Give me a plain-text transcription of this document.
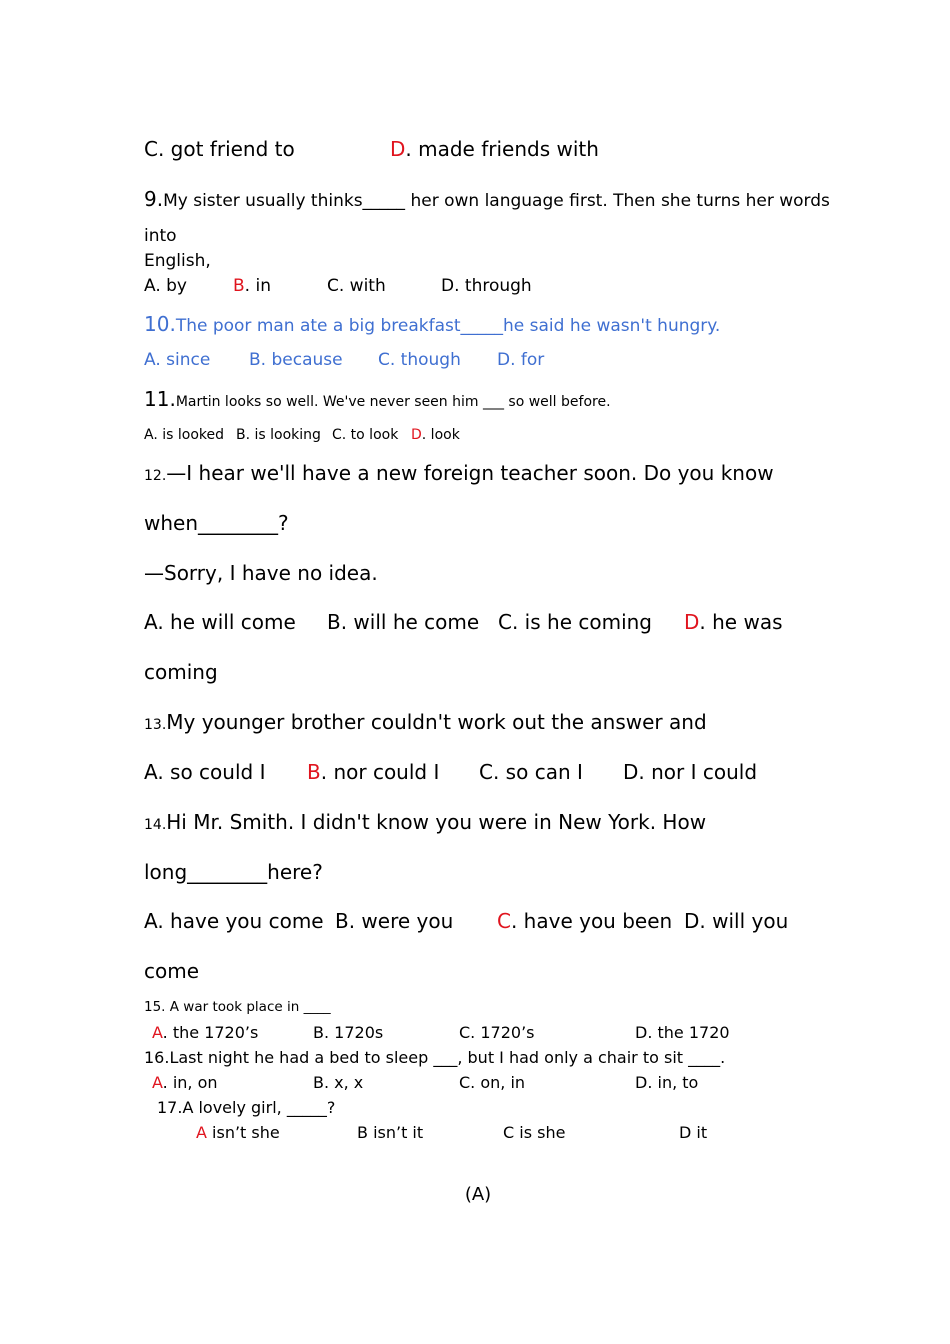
C. got friend to	D. made friends with
9.My sister usually thinks_____ her own language first. Then she turns her words
into
English,
A. by	B. in	C. with	D. through
10.The poor man ate a big breakfast_____he said he wasn't hungry.
A. since B. because C. though D. for
11.Martin looks so well. We've never seen him ___ so well before.
A. is looked B. is looking C. to look D. look
12.—I hear we'll have a new foreign teacher soon. Do you know
when________?
—Sorry, I have no idea.
A. he will come B. will he come C. is he coming D. he was
coming
13.My younger brother couldn't work out the answer and
A. so could I B. nor could I C. so can I D. nor I could
14.Hi Mr. Smith. I didn't know you were in New York. How
long________here?
A. have you come B. were you C. have you been D. will you
come
15. A war took place in ____
A. the 1720’s	B. 1720s	C. 1720’s	D. the 1720
16.Last night he had a bed to sleep ___, but I had only a chair to sit ____.
A. in, on	B. x, x	C. on, in	D. in, to
17.A lovely girl, _____?
A isn’t she	B isn’t it	C is she	D it
(A)
